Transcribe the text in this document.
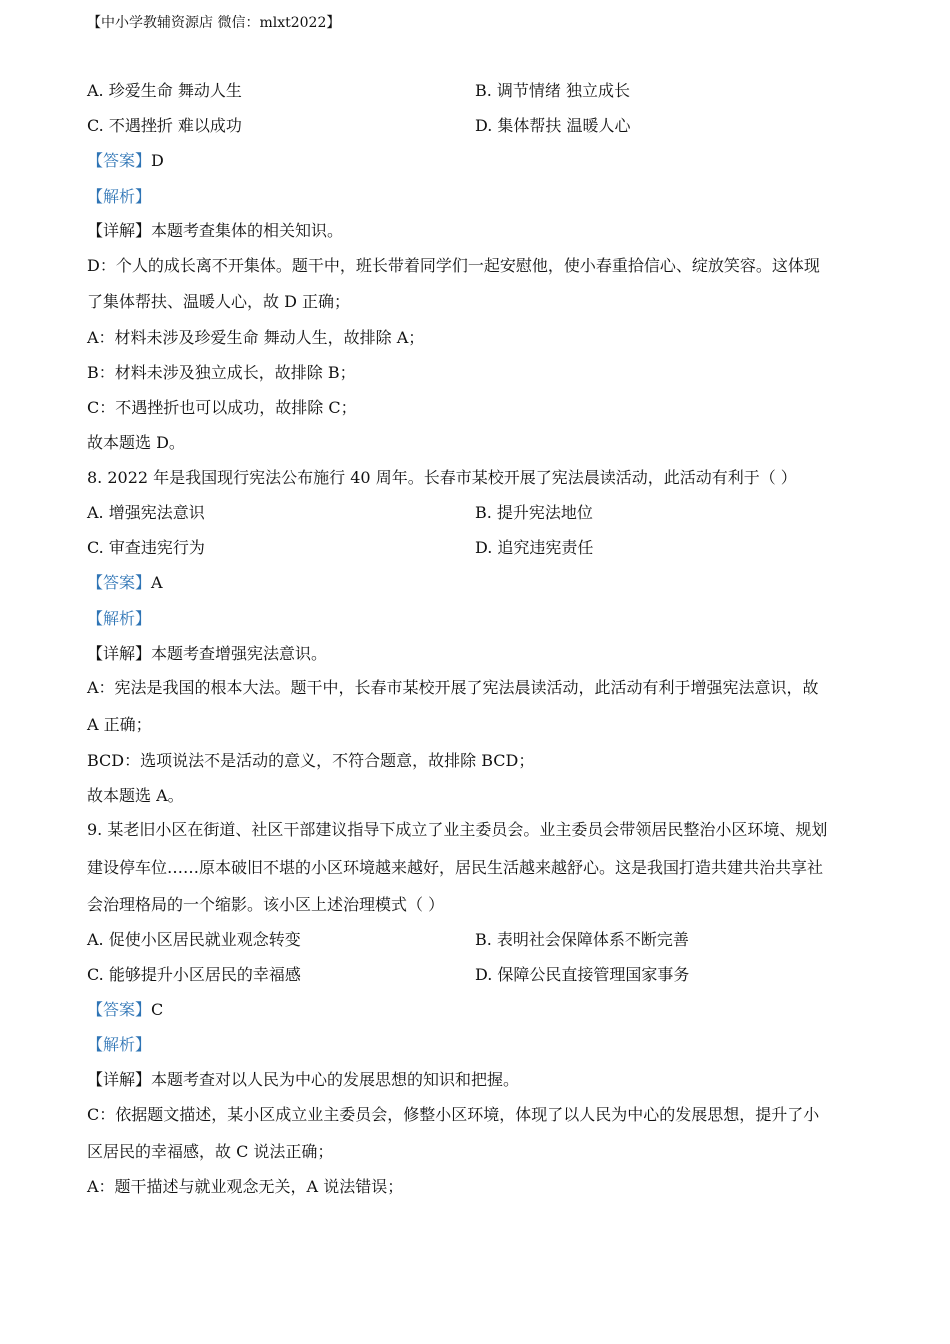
【中小学教辅资源店 微信：mlxt2022】
A. 珍爱生命 舞动人生	B. 调节情绪 独立成长
C. 不遇挫折 难以成功	D. 集体帮扶 温暖人心
【答案】D
【解析】
【详解】本题考查集体的相关知识。
D：个人的成长离不开集体。题干中，班长带着同学们一起安慰他，使小春重拾信心、绽放笑容。这体现
了集体帮扶、温暖人心，故 D 正确；
A：材料未涉及珍爱生命 舞动人生，故排除 A；
B：材料未涉及独立成长，故排除 B；
C：不遇挫折也可以成功，故排除 C；
故本题选 D。
8. 2022 年是我国现行宪法公布施行 40 周年。长春市某校开展了宪法晨读活动，此活动有利于（ ）
A. 增强宪法意识	B. 提升宪法地位
C. 审查违宪行为	D. 追究违宪责任
【答案】A
【解析】
【详解】本题考查增强宪法意识。
A：宪法是我国的根本大法。题干中，长春市某校开展了宪法晨读活动，此活动有利于增强宪法意识，故
A 正确；
BCD：选项说法不是活动的意义，不符合题意，故排除 BCD；
故本题选 A。
9. 某老旧小区在街道、社区干部建议指导下成立了业主委员会。业主委员会带领居民整治小区环境、规划
建设停车位……原本破旧不堪的小区环境越来越好，居民生活越来越舒心。这是我国打造共建共治共享社
会治理格局的一个缩影。该小区上述治理模式（ ）
A. 促使小区居民就业观念转变	B. 表明社会保障体系不断完善
C. 能够提升小区居民的幸福感	D. 保障公民直接管理国家事务
【答案】C
【解析】
【详解】本题考查对以人民为中心的发展思想的知识和把握。
C：依据题文描述，某小区成立业主委员会，修整小区环境，体现了以人民为中心的发展思想，提升了小
区居民的幸福感，故 C 说法正确；
A：题干描述与就业观念无关，A 说法错误；
